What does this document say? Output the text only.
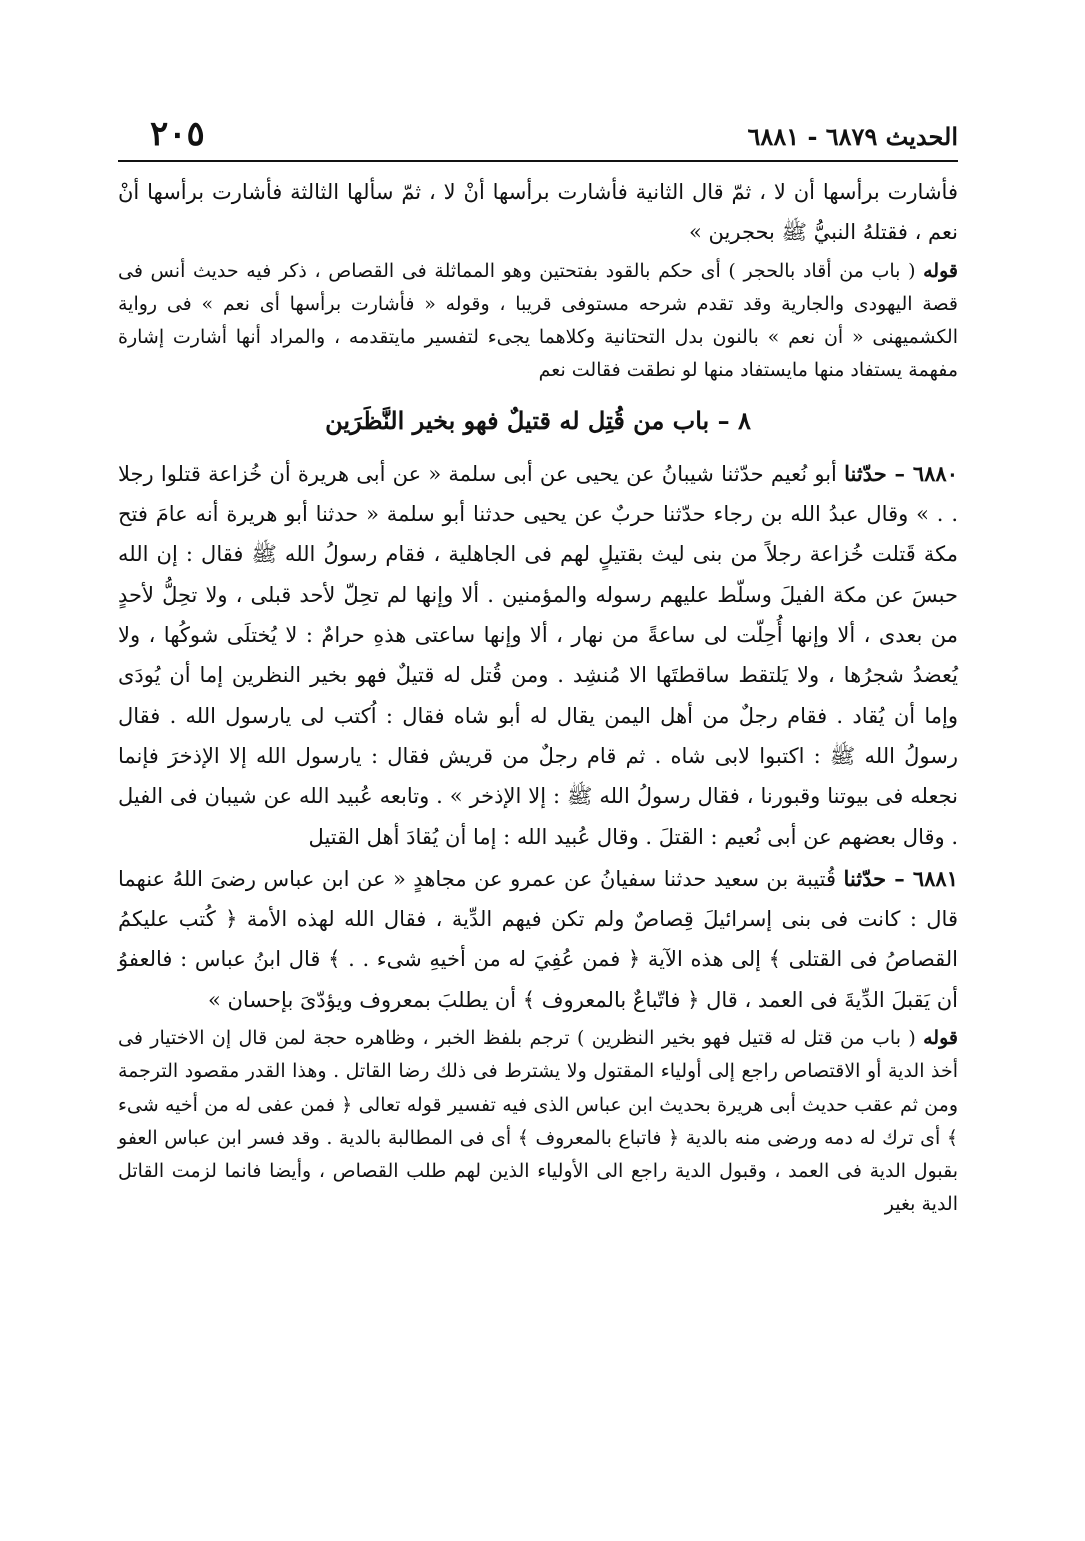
الحديث ٦٨٧٩ - ٦٨٨١
٢٠٥

فأشارت برأسها أن لا ، ثمّ قال الثانية فأشارت برأسها أنْ لا ، ثمّ سألها الثالثة فأشارت برأسها أنْ نعم ، فقتلهُ النبيُّ ﷺ بحجرين »

قوله ( باب من أقاد بالحجر ) أى حكم بالقود بفتحتين وهو المماثلة فى القصاص ، ذكر فيه حديث أنس فى قصة اليهودى والجارية وقد تقدم شرحه مستوفى قريبا ، وقوله « فأشارت برأسها أى نعم » فى رواية الكشميهنى « أن نعم » بالنون بدل التحتانية وكلاهما يجىء لتفسير مايتقدمه ، والمراد أنها أشارت إشارة مفهمة يستفاد منها مايستفاد منها لو نطقت فقالت نعم

٨ – باب من قُتِل له قتيلٌ فهو بخير النَّظَرَين

٦٨٨٠ – حدّثنا أبو نُعيم حدّثنا شيبانُ عن يحيى عن أبى سلمة « عن أبى هريرة أن خُزاعة قتلوا رجلا . . » وقال عبدُ الله بن رجاء حدّثنا حربٌ عن يحيى حدثنا أبو سلمة « حدثنا أبو هريرة أنه عامَ فتح مكة قَتلت خُزاعة رجلاً من بنى ليث بقتيلٍ لهم فى الجاهلية ، فقام رسولُ الله ﷺ فقال : إن الله حبسَ عن مكة الفيلَ وسلّط عليهم رسوله والمؤمنين . ألا وإنها لم تحِلّ لأحد قبلى ، ولا تحِلُّ لأحدٍ من بعدى ، ألا وإنها أُحِلّت لى ساعةً من نهار ، ألا وإنها ساعتى هذهِ حرامٌ : لا يُختلَى شوكُها ، ولا يُعضدُ شجرُها ، ولا يَلتقط ساقطتَها الا مُنشِد . ومن قُتل له قتيلٌ فهو بخير النظرين إما أن يُودَى وإما أن يُقاد . فقام رجلٌ من أهل اليمن يقال له أبو شاه فقال : اُكتب لى يارسول الله . فقال رسولُ الله ﷺ : اكتبوا لابى شاه . ثم قام رجلٌ من قريش فقال : يارسول الله إلا الإذخرَ فإنما نجعله فى بيوتنا وقبورنا ، فقال رسولُ الله ﷺ : إلا الإذخر » . وتابعه عُبيد الله عن شيبان فى الفيل . وقال بعضهم عن أبى نُعيم : القتلَ . وقال عُبيد الله : إما أن يُقادَ أهل القتيل

٦٨٨١ – حدّثنا قُتيبة بن سعيد حدثنا سفيانُ عن عمرو عن مجاهدٍ « عن ابن عباس رضىَ اللهُ عنهما قال : كانت فى بنى إسرائيلَ قِصاصٌ ولم تكن فيهم الدِّية ، فقال الله لهذه الأمة ﴿ كُتب عليكمُ القصاصُ فى القتلى ﴾ إلى هذه الآية ﴿ فمن عُفِيَ له من أخيهِ شىء . . ﴾ قال ابنُ عباس : فالعفوُ أن يَقبلَ الدِّيةَ فى العمد ، قال ﴿ فاتّباعٌ بالمعروف ﴾ أن يطلبَ بمعروف ويؤدّىَ بإحسان »

قوله ( باب من قتل له قتيل فهو بخير النظرين ) ترجم بلفظ الخبر ، وظاهره حجة لمن قال إن الاختيار فى أخذ الدية أو الاقتصاص راجع إلى أولياء المقتول ولا يشترط فى ذلك رضا القاتل . وهذا القدر مقصود الترجمة ومن ثم عقب حديث أبى هريرة بحديث ابن عباس الذى فيه تفسير قوله تعالى ﴿ فمن عفى له من أخيه شىء ﴾ أى ترك له دمه ورضى منه بالدية ﴿ فاتباع بالمعروف ﴾ أى فى المطالبة بالدية . وقد فسر ابن عباس العفو بقبول الدية فى العمد ، وقبول الدية راجع الى الأولياء الذين لهم طلب القصاص ، وأيضا فانما لزمت القاتل الدية بغير
